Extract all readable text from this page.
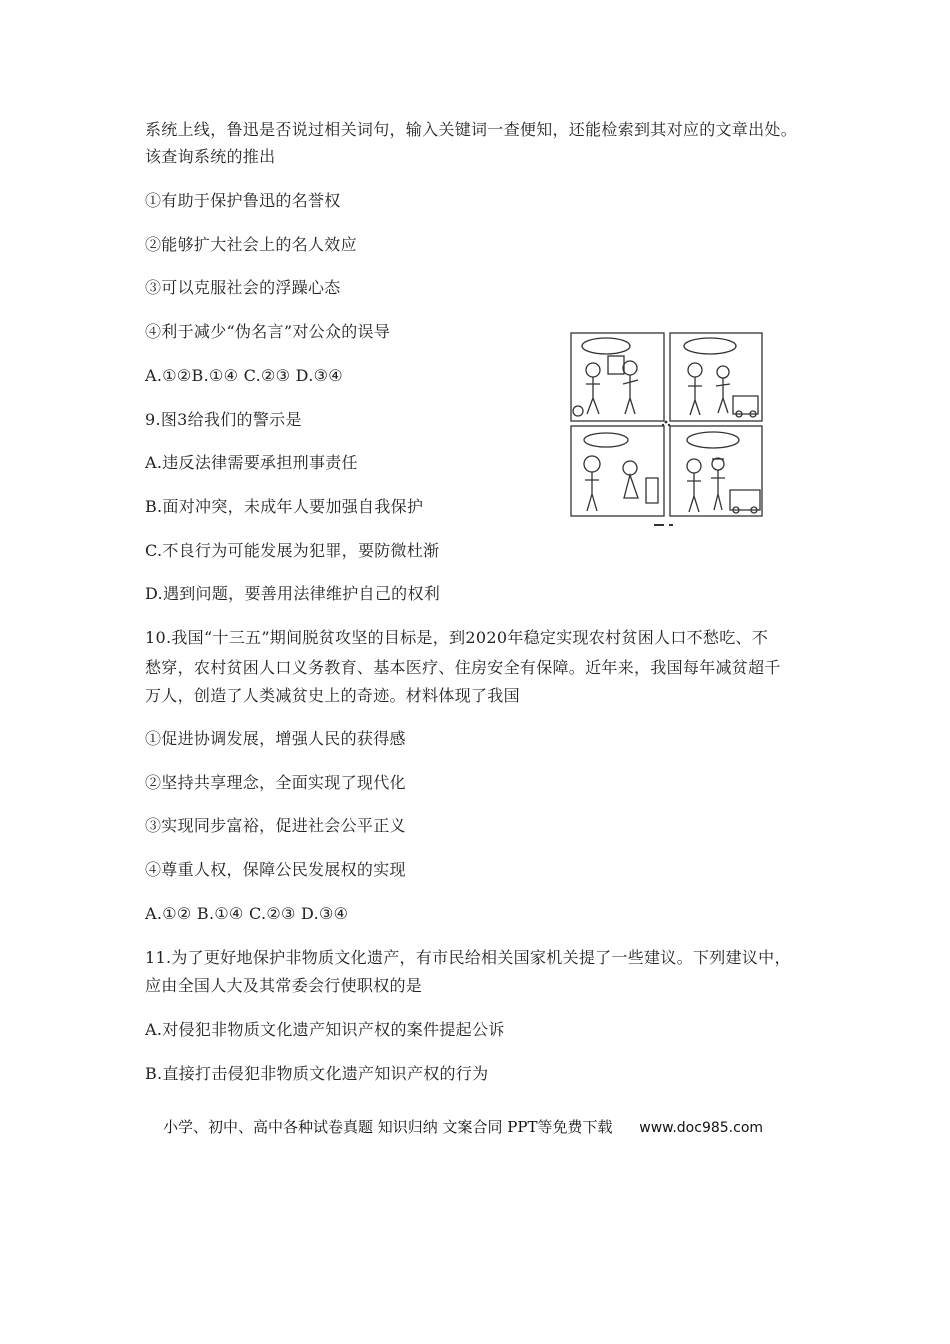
系统上线，鲁迅是否说过相关词句，输入关键词一查便知，还能检索到其对应的文章出处。
该查询系统的推出
①有助于保护鲁迅的名誉权
②能够扩大社会上的名人效应
③可以克服社会的浮躁心态
④利于减少“伪名言”对公众的误导
A.①②B.①④ C.②③ D.③④
9.图3给我们的警示是
A.违反法律需要承担刑事责任
B.面对冲突，未成年人要加强自我保护
C.不良行为可能发展为犯罪，要防微杜渐
D.遇到问题，要善用法律维护自己的权利
10.我国“十三五”期间脱贫攻坚的目标是，到2020年稳定实现农村贫困人口不愁吃、不
愁穿，农村贫困人口义务教育、基本医疗、住房安全有保障。近年来，我国每年减贫超千
万人，创造了人类减贫史上的奇迹。材料体现了我国
①促进协调发展，增强人民的获得感
②坚持共享理念，全面实现了现代化
③实现同步富裕，促进社会公平正义
④尊重人权，保障公民发展权的实现
A.①② B.①④ C.②③ D.③④
11.为了更好地保护非物质文化遗产，有市民给相关国家机关提了一些建议。下列建议中，
应由全国人大及其常委会行使职权的是
A.对侵犯非物质文化遗产知识产权的案件提起公诉
B.直接打击侵犯非物质文化遗产知识产权的行为
小学、初中、高中各种试卷真题 知识归纳 文案合同 PPT等免费下载 www.doc985.com
